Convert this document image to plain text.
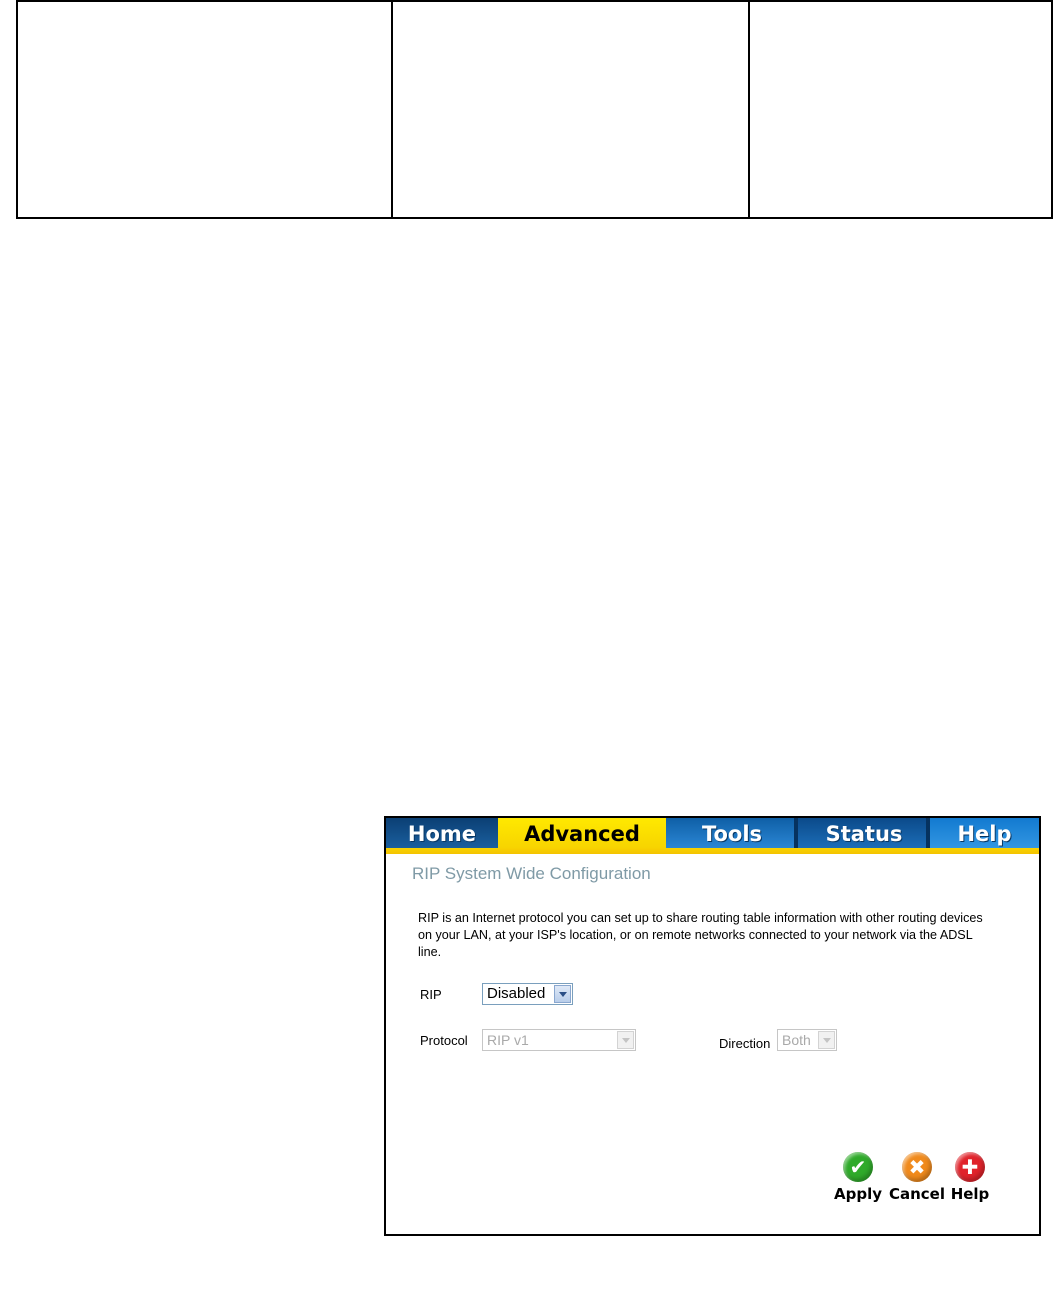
Home	Advanced	Tools	Status	Help
RIP System Wide Configuration
RIP is an Internet protocol you can set up to share routing table information with other routing devices on your LAN, at your ISP's location, or on remote networks connected to your network via the ADSL line.
RIP	Disabled
Protocol	RIP v1	Direction Both
✔
Apply
✖
Cancel
✚
Help
